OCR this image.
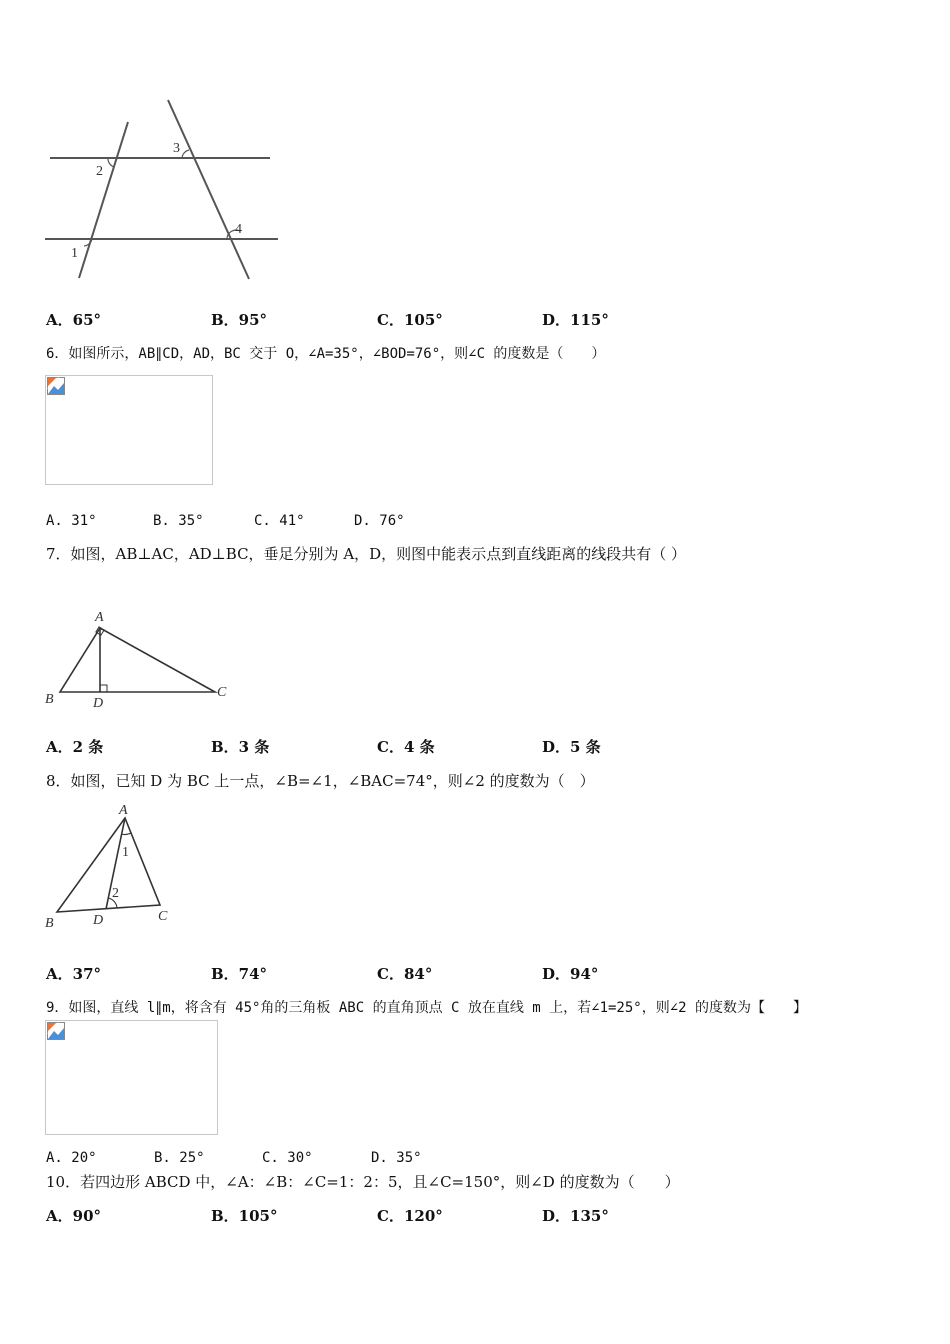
1
2
3
4
A．65°	B．95°	C．105°	D．115°
6．如图所示，AB∥CD，AD，BC 交于 O，∠A=35°，∠BOD=76°，则∠C 的度数是（　　）
A. 31°	B. 35°	C. 41°	D. 76°
7．如图，AB⊥AC，AD⊥BC，垂足分别为 A，D，则图中能表示点到直线距离的线段共有（ ）
A
B	C
D
A．2 条	B．3 条	C．4 条	D．5 条
8．如图，已知 D 为 BC 上一点，∠B=∠1，∠BAC=74°，则∠2 的度数为（　）
A
B	C
D
1
2
A．37°	B．74°	C．84°	D．94°
9．如图，直线 l∥m，将含有 45°角的三角板 ABC 的直角顶点 C 放在直线 m 上，若∠1=25°，则∠2 的度数为【　　】
A. 20°	B. 25°	C. 30°	D. 35°
10．若四边形 ABCD 中，∠A：∠B：∠C=1：2：5，且∠C=150°，则∠D 的度数为（　　）
A．90°	B．105°	C．120°	D．135°
